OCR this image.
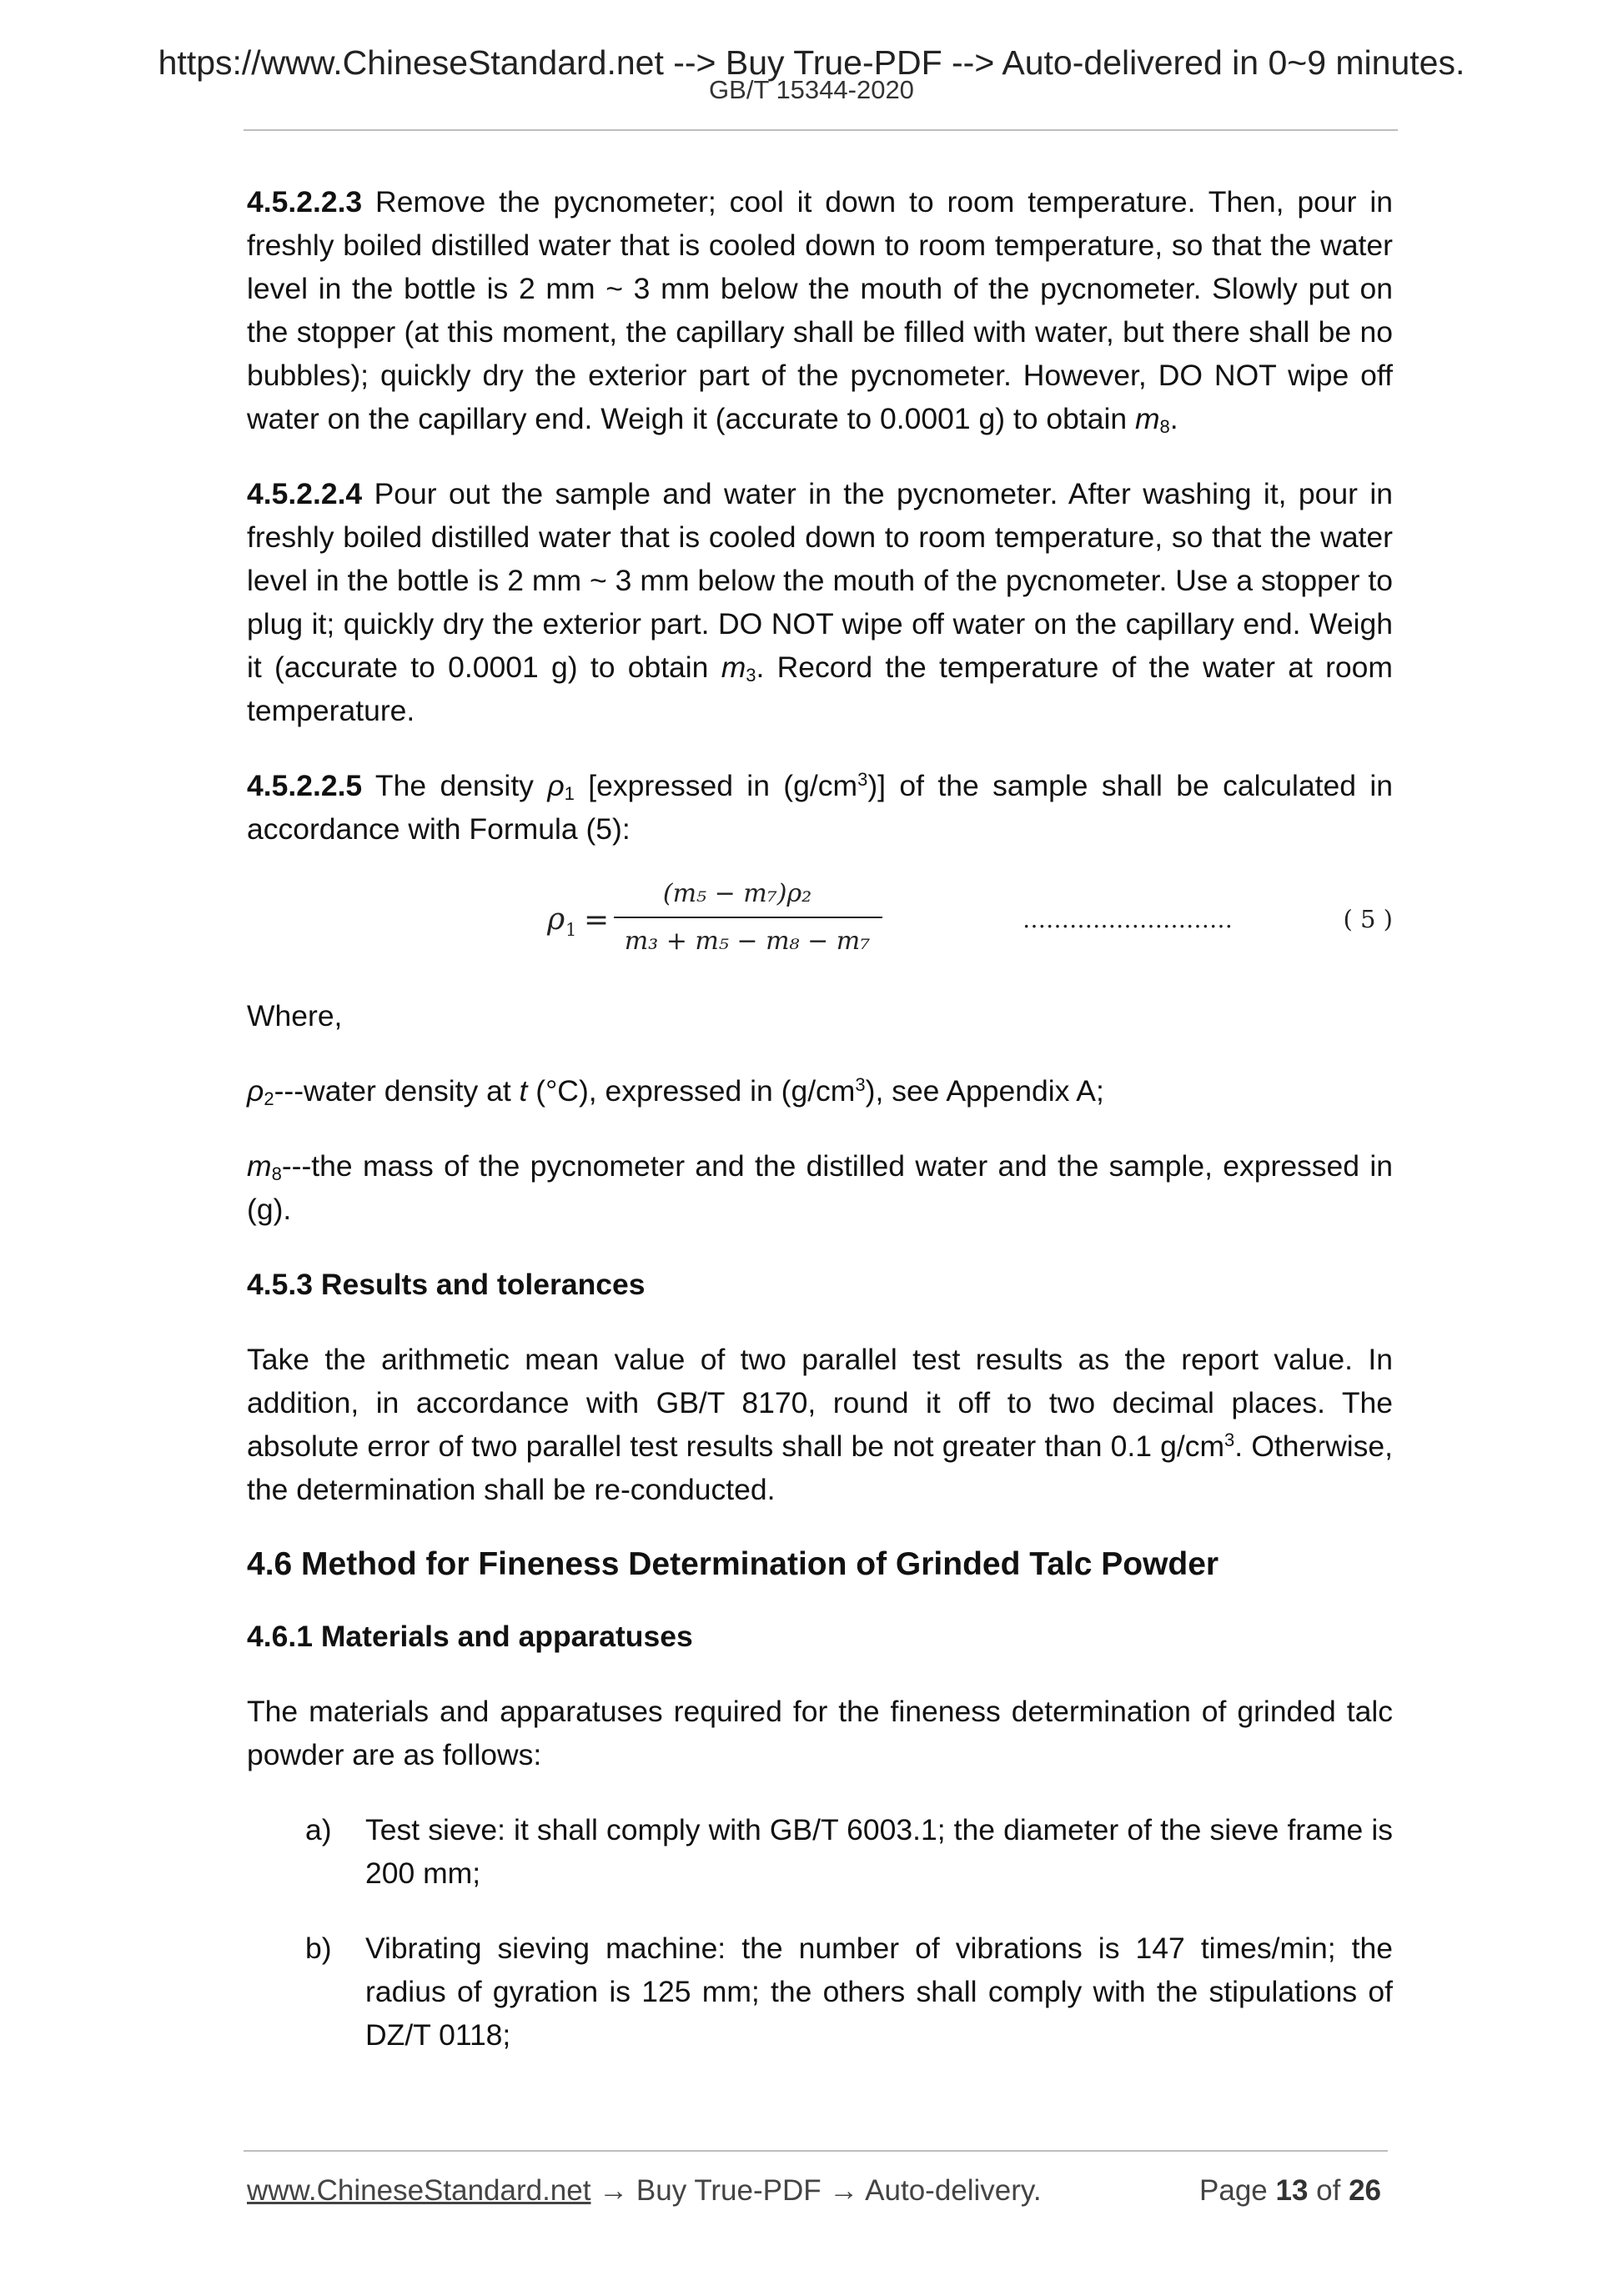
https://www.ChineseStandard.net --> Buy True-PDF --> Auto-delivered in 0~9 minutes.
GB/T 15344-2020

4.5.2.2.3 Remove the pycnometer; cool it down to room temperature. Then, pour in freshly boiled distilled water that is cooled down to room temperature, so that the water level in the bottle is 2 mm ~ 3 mm below the mouth of the pycnometer. Slowly put on the stopper (at this moment, the capillary shall be filled with water, but there shall be no bubbles); quickly dry the exterior part of the pycnometer. However, DO NOT wipe off water on the capillary end. Weigh it (accurate to 0.0001 g) to obtain $m_8$.

4.5.2.2.4 Pour out the sample and water in the pycnometer. After washing it, pour in freshly boiled distilled water that is cooled down to room temperature, so that the water level in the bottle is 2 mm ~ 3 mm below the mouth of the pycnometer. Use a stopper to plug it; quickly dry the exterior part. DO NOT wipe off water on the capillary end. Weigh it (accurate to 0.0001 g) to obtain $m_3$. Record the temperature of the water at room temperature.

4.5.2.2.5 The density $\rho_1$ [expressed in $(g/cm^3)$] of the sample shall be calculated in accordance with Formula (5):

ρ 1 =
(m₅ − m₇)ρ₂
m₃ + m₅ − m₈ − m₇
………………………	( 5 )

Where,

$\rho_2--$-water density at t (°C), expressed in $(g/cm^3)$, see Appendix A;

$m_8--$-the mass of the pycnometer and the distilled water and the sample, expressed in (g).

4.5.3 Results and tolerances

Take the arithmetic mean value of two parallel test results as the report value. In addition, in accordance with GB/T 8170, round it off to two decimal places. The absolute error of two parallel test results shall be not greater than 0.1 $g/cm^3$. Otherwise, the determination shall be re-conducted.

4.6 Method for Fineness Determination of Grinded Talc Powder
4.6.1 Materials and apparatuses

The materials and apparatuses required for the fineness determination of grinded talc powder are as follows:

a)	Test sieve: it shall comply with GB/T 6003.1; the diameter of the sieve frame is 200 mm;
b)	Vibrating sieving machine: the number of vibrations is 147 times/min; the radius of gyration is 125 mm; the others shall comply with the stipulations of DZ/T 0118;
www.ChineseStandard.net → Buy True-PDF → Auto-delivery.	Page 13 of 26
